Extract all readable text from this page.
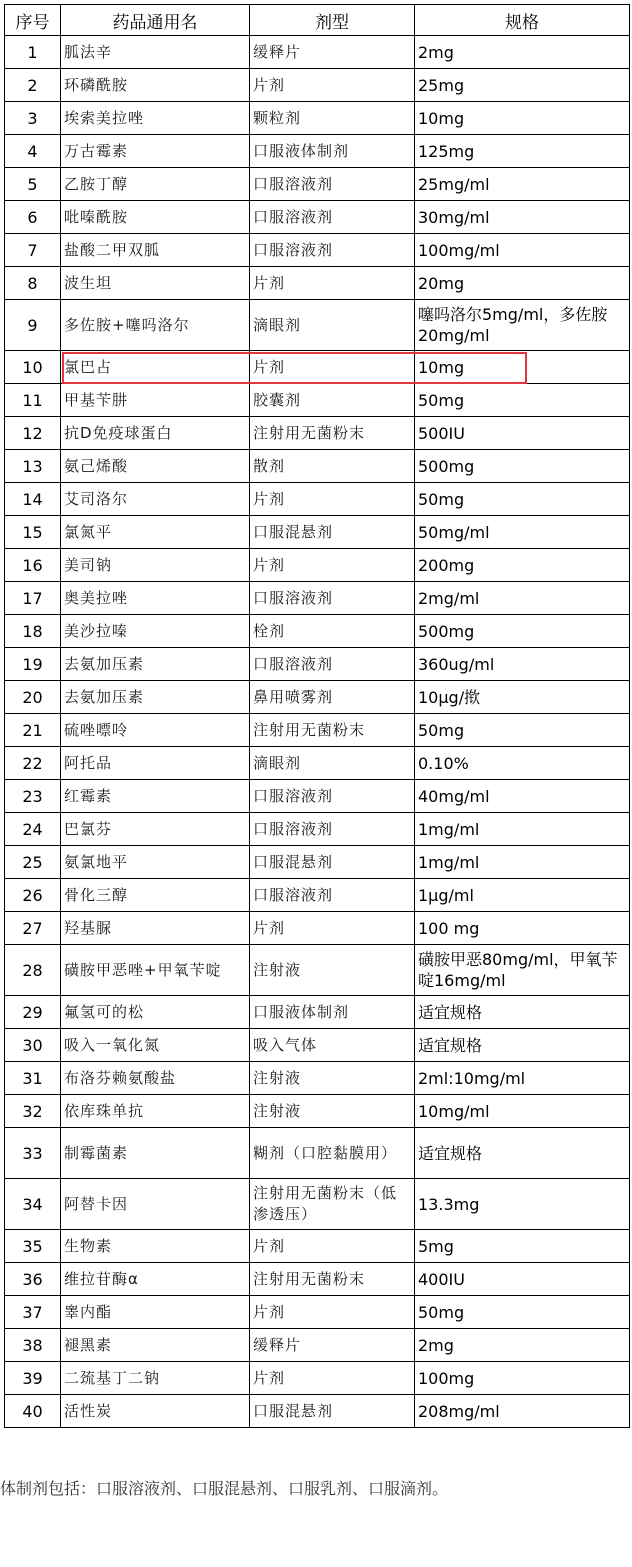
序号	药品通用名	剂型	规格
1	胍法辛	缓释片	2mg
2	环磷酰胺	片剂	25mg
3	埃索美拉唑	颗粒剂	10mg
4	万古霉素	口服液体制剂	125mg
5	乙胺丁醇	口服溶液剂	25mg/ml
6	吡嗪酰胺	口服溶液剂	30mg/ml
7	盐酸二甲双胍	口服溶液剂	100mg/ml
8	波生坦	片剂	20mg
9	多佐胺+噻吗洛尔	滴眼剂	噻吗洛尔5mg/ml，多佐胺20mg/ml
10	氯巴占	片剂	10mg
11	甲基苄肼	胶囊剂	50mg
12	抗D免疫球蛋白	注射用无菌粉末	500IU
13	氨己烯酸	散剂	500mg
14	艾司洛尔	片剂	50mg
15	氯氮平	口服混悬剂	50mg/ml
16	美司钠	片剂	200mg
17	奥美拉唑	口服溶液剂	2mg/ml
18	美沙拉嗪	栓剂	500mg
19	去氨加压素	口服溶液剂	360ug/ml
20	去氨加压素	鼻用喷雾剂	10μg/揿
21	硫唑嘌呤	注射用无菌粉末	50mg
22	阿托品	滴眼剂	0.10%
23	红霉素	口服溶液剂	40mg/ml
24	巴氯芬	口服溶液剂	1mg/ml
25	氨氯地平	口服混悬剂	1mg/ml
26	骨化三醇	口服溶液剂	1μg/ml
27	羟基脲	片剂	100 mg
28	磺胺甲恶唑+甲氧苄啶	注射液	磺胺甲恶80mg/ml，甲氧苄啶16mg/ml
29	氟氢可的松	口服液体制剂	适宜规格
30	吸入一氧化氮	吸入气体	适宜规格
31	布洛芬赖氨酸盐	注射液	2ml:10mg/ml
32	依库珠单抗	注射液	10mg/ml
33	制霉菌素	糊剂（口腔黏膜用）	适宜规格
34	阿替卡因	注射用无菌粉末（低渗透压）	13.3mg
35	生物素	片剂	5mg
36	维拉苷酶α	注射用无菌粉末	400IU
37	睾内酯	片剂	50mg
38	褪黑素	缓释片	2mg
39	二巯基丁二钠	片剂	100mg
40	活性炭	口服混悬剂	208mg/ml
体制剂包括：口服溶液剂、口服混悬剂、口服乳剂、口服滴剂。
